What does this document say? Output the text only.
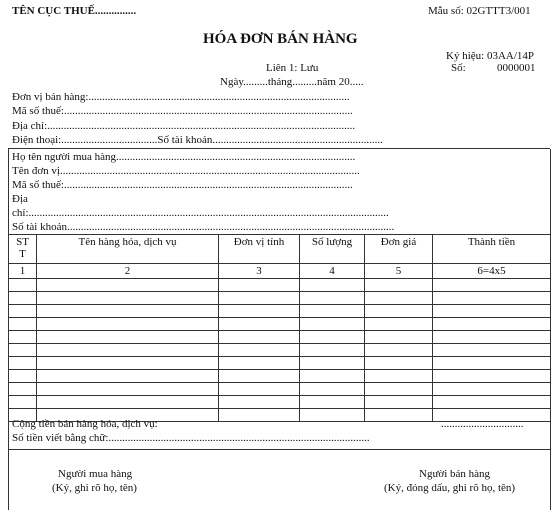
TÊN CỤC THUẾ...............	Mẫu số: 02GTTT3/001
HÓA ĐƠN BÁN HÀNG
Ký hiệu: 03AA/14P
Liên 1: Lưu	Số:	0000001
Ngày.........tháng.........năm 20.....
Đơn vị bán hàng:...............................................................................................
Mã số thuế:.........................................................................................................
Địa chỉ:................................................................................................................
Điện thoại:...................................Số tài khoản..............................................................
Họ tên người mua hàng.......................................................................................
Tên đơn vị.............................................................................................................
Mã số thuế:.........................................................................................................
Địa
chỉ:...................................................................................................................................
Số tài khoản.......................................................................................................................
ST T	Tên hàng hóa, dịch vụ	Đơn vị tính	Số lượng	Đơn giá	Thành tiền
1	2	3	4	5	6=4x5

Cộng tiền bán hàng hóa, dịch vụ:	..............................
Số tiền viết bằng chữ:...............................................................................................
Người mua hàng
(Ký, ghi rõ họ, tên)
Người bán hàng
(Ký, đóng dấu, ghi rõ họ, tên)
